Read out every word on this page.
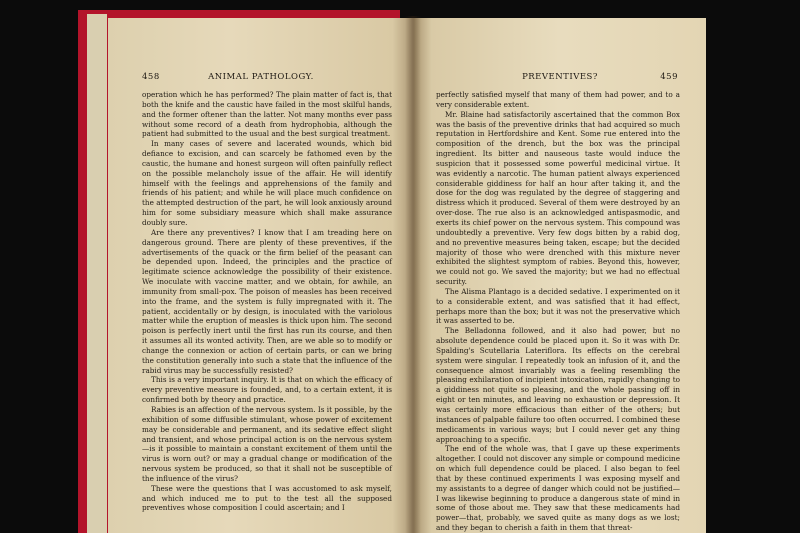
458	ANIMAL PATHOLOGY.

operation which he has performed? The plain matter of fact is, that both the knife and the caustic have failed in the most skilful hands, and the former oftener than the latter. Not many months ever pass without some record of a death from hydrophobia, although the patient had submitted to the usual and the best surgical treatment.

In many cases of severe and lacerated wounds, which bid defiance to excision, and can scarcely be fathomed even by the caustic, the humane and honest surgeon will often painfully reflect on the possible melancholy issue of the affair. He will identify himself with the feelings and apprehensions of the family and friends of his patient; and while he will place much confidence on the attempted destruction of the part, he will look anxiously around him for some subsidiary measure which shall make assurance doubly sure.

Are there any preventives? I know that I am treading here on dangerous ground. There are plenty of these preventives, if the advertisements of the quack or the firm belief of the peasant can be depended upon. Indeed, the principles and the practice of legitimate science acknowledge the possibility of their existence. We inoculate with vaccine matter, and we obtain, for awhile, an immunity from small-pox. The poison of measles has been received into the frame, and the system is fully impregnated with it. The patient, accidentally or by design, is inoculated with the variolous matter while the eruption of measles is thick upon him. The second poison is perfectly inert until the first has run its course, and then it assumes all its wonted activity. Then, are we able so to modify or change the connexion or action of certain parts, or can we bring the constitution generally into such a state that the influence of the rabid virus may be successfully resisted?

This is a very important inquiry. It is that on which the efficacy of every preventive measure is founded, and, to a certain extent, it is confirmed both by theory and practice.

Rabies is an affection of the nervous system. Is it possible, by the exhibition of some diffusible stimulant, whose power of excitement may be considerable and permanent, and its sedative effect slight and transient, and whose principal action is on the nervous system—is it possible to maintain a constant excitement of them until the virus is worn out? or may a gradual change or modification of the nervous system be produced, so that it shall not be susceptible of the influence of the virus?

These were the questions that I was accustomed to ask myself, and which induced me to put to the test all the supposed preventives whose composition I could ascertain; and I

PREVENTIVES?	459

perfectly satisfied myself that many of them had power, and to a very considerable extent.

Mr. Blaine had satisfactorily ascertained that the common Box was the basis of the preventive drinks that had acquired so much reputation in Hertfordshire and Kent. Some rue entered into the composition of the drench, but the box was the principal ingredient. Its bitter and nauseous taste would induce the suspicion that it possessed some powerful medicinal virtue. It was evidently a narcotic. The human patient always experienced considerable giddiness for half an hour after taking it, and the dose for the dog was regulated by the degree of staggering and distress which it produced. Several of them were destroyed by an over-dose. The rue also is an acknowledged antispasmodic, and exerts its chief power on the nervous system. This compound was undoubtedly a preventive. Very few dogs bitten by a rabid dog, and no preventive measures being taken, escape; but the decided majority of those who were drenched with this mixture never exhibited the slightest symptom of rabies. Beyond this, however, we could not go. We saved the majority; but we had no effectual security.

The Alisma Plantago is a decided sedative. I experimented on it to a considerable extent, and was satisfied that it had effect, perhaps more than the box; but it was not the preservative which it was asserted to be.

The Belladonna followed, and it also had power, but no absolute dependence could be placed upon it. So it was with Dr. Spalding's Scutellaria Lateriflora. Its effects on the cerebral system were singular. I repeatedly took an infusion of it, and the consequence almost invariably was a feeling resembling the pleasing exhilaration of incipient intoxication, rapidly changing to a giddiness not quite so pleasing, and the whole passing off in eight or ten minutes, and leaving no exhaustion or depression. It was certainly more efficacious than either of the others; but instances of palpable failure too often occurred. I combined these medicaments in various ways; but I could never get any thing approaching to a specific.

The end of the whole was, that I gave up these experiments altogether. I could not discover any simple or compound medicine on which full dependence could be placed. I also began to feel that by these continued experiments I was exposing myself and my assistants to a degree of danger which could not be justified—I was likewise beginning to produce a dangerous state of mind in some of those about me. They saw that these medicaments had power—that, probably, we saved quite as many dogs as we lost; and they began to cherish a faith in them that threat-
